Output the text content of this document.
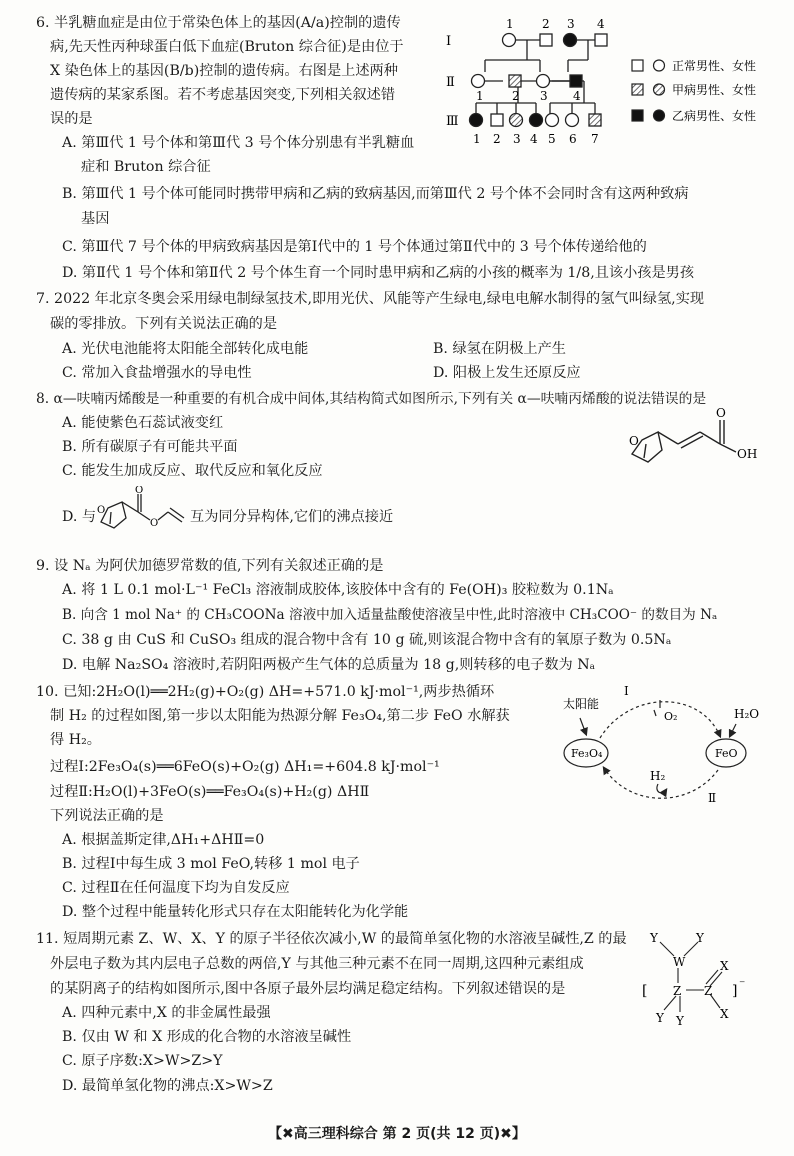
6. 半乳糖血症是由位于常染色体上的基因(A/a)控制的遗传
病,先天性丙种球蛋白低下血症(Bruton 综合征)是由位于
X 染色体上的基因(B/b)控制的遗传病。右图是上述两种
遗传病的某家系图。若不考虑基因突变,下列相关叙述错
误的是
A. 第Ⅲ代 1 号个体和第Ⅲ代 3 号个体分别患有半乳糖血
症和 Bruton 综合征
B. 第Ⅲ代 1 号个体可能同时携带甲病和乙病的致病基因,而第Ⅲ代 2 号个体不会同时含有这两种致病
基因
C. 第Ⅲ代 7 号个体的甲病致病基因是第Ⅰ代中的 1 号个体通过第Ⅱ代中的 3 号个体传递给他的
D. 第Ⅱ代 1 号个体和第Ⅱ代 2 号个体生育一个同时患甲病和乙病的小孩的概率为 1/8,且该小孩是男孩
Ⅰ
Ⅱ
Ⅲ
1 2 3 4
1 2 3 4
1 2 3 4 5 6 7
正常男性、女性
甲病男性、女性
乙病男性、女性
7. 2022 年北京冬奥会采用绿电制绿氢技术,即用光伏、风能等产生绿电,绿电电解水制得的氢气叫绿氢,实现
碳的零排放。下列有关说法正确的是
A. 光伏电池能将太阳能全部转化成电能	B. 绿氢在阴极上产生
C. 常加入食盐增强水的导电性	D. 阳极上发生还原反应
8. α—呋喃丙烯酸是一种重要的有机合成中间体,其结构简式如图所示,下列有关 α—呋喃丙烯酸的说法错误的是
A. 能使紫色石蕊试液变红
B. 所有碳原子有可能共平面
C. 能发生加成反应、取代反应和氧化反应
D. 与	互为同分异构体,它们的沸点接近
O
O
OH
O
O
O
9. 设 Nₐ 为阿伏加德罗常数的值,下列有关叙述正确的是
A. 将 1 L 0.1 mol·L⁻¹ FeCl₃ 溶液制成胶体,该胶体中含有的 Fe(OH)₃ 胶粒数为 0.1Nₐ
B. 向含 1 mol Na⁺ 的 CH₃COONa 溶液中加入适量盐酸使溶液呈中性,此时溶液中 CH₃COO⁻ 的数目为 Nₐ
C. 38 g 由 CuS 和 CuSO₃ 组成的混合物中含有 10 g 硫,则该混合物中含有的氧原子数为 0.5Nₐ
D. 电解 Na₂SO₄ 溶液时,若阴阳两极产生气体的总质量为 18 g,则转移的电子数为 Nₐ
10. 已知:2H₂O(l)══2H₂(g)+O₂(g) ΔH=+571.0 kJ·mol⁻¹,两步热循环
制 H₂ 的过程如图,第一步以太阳能为热源分解 Fe₃O₄,第二步 FeO 水解获
得 H₂。
过程Ⅰ:2Fe₃O₄(s)══6FeO(s)+O₂(g) ΔH₁=+604.8 kJ·mol⁻¹
过程Ⅱ:H₂O(l)+3FeO(s)══Fe₃O₄(s)+H₂(g) ΔHⅡ
下列说法正确的是
A. 根据盖斯定律,ΔH₁+ΔHⅡ=0
B. 过程Ⅰ中每生成 3 mol FeO,转移 1 mol 电子
C. 过程Ⅱ在任何温度下均为自发反应
D. 整个过程中能量转化形式只存在太阳能转化为化学能
太阳能
Ⅰ
O₂	H₂O
Fe₃O₄	FeO
H₂
Ⅱ
11. 短周期元素 Z、W、X、Y 的原子半径依次减小,W 的最简单氢化物的水溶液呈碱性,Z 的最
外层电子数为其内层电子总数的两倍,Y 与其他三种元素不在同一周期,这四种元素组成
的某阴离子的结构如图所示,图中各原子最外层均满足稳定结构。下列叙述错误的是
A. 四种元素中,X 的非金属性最强
B. 仅由 W 和 X 形成的化合物的水溶液呈碱性
C. 原子序数:X>W>Z>Y
D. 最简单氢化物的沸点:X>W>Z
Y	Y
W
Z Z
X
X
Y Y
[	] ⁻
【✖高三理科综合 第 2 页(共 12 页)✖】
